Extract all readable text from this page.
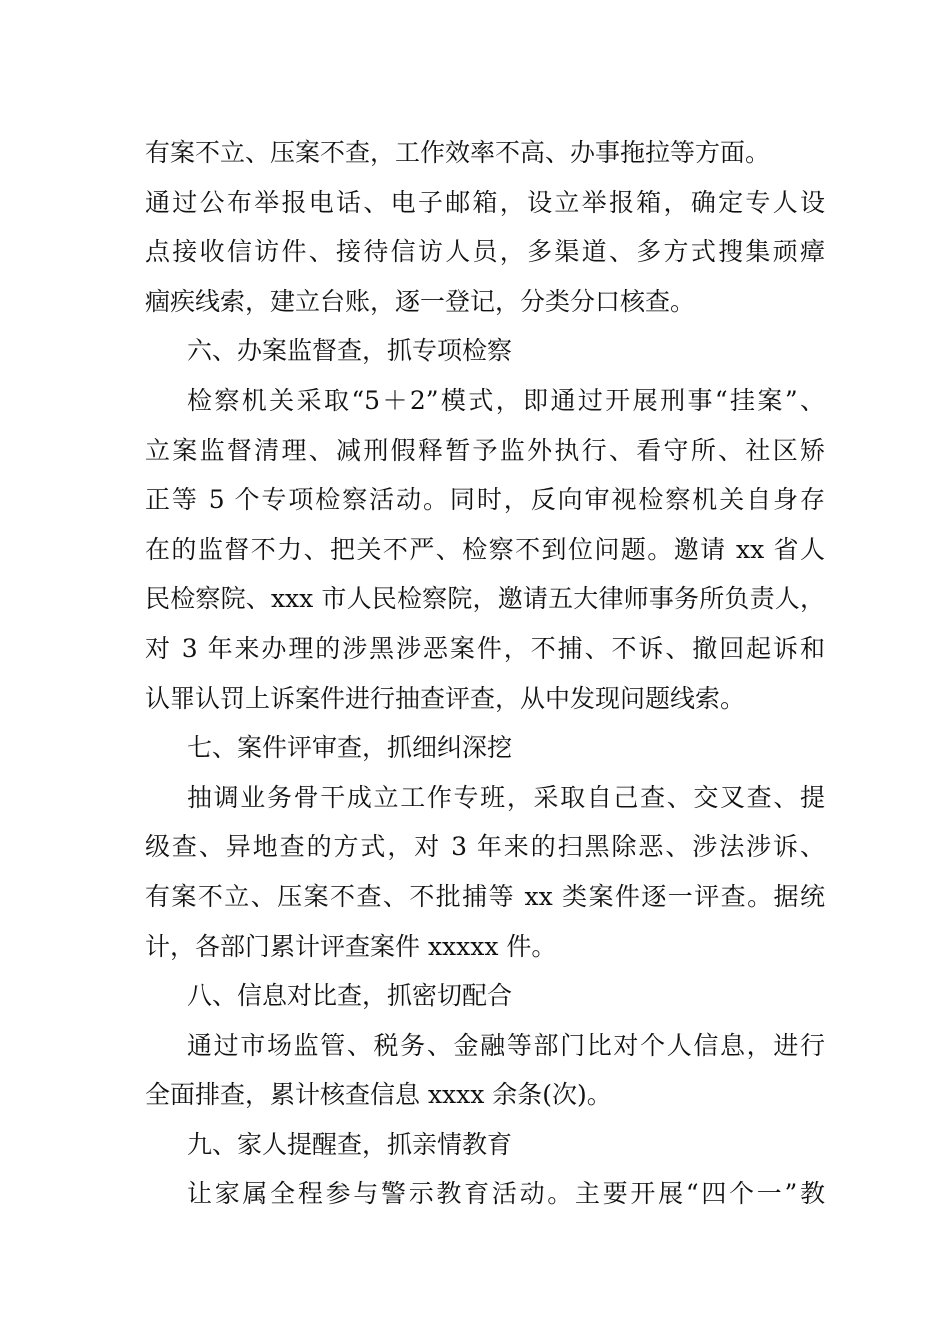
有案不立、压案不查，工作效率不高、办事拖拉等方面。
通过公布举报电话、电子邮箱，设立举报箱，确定专人设
点接收信访件、接待信访人员，多渠道、多方式搜集顽瘴
痼疾线索，建立台账，逐一登记，分类分口核查。
六、办案监督查，抓专项检察
检察机关采取“5＋2”模式，即通过开展刑事“挂案”、
立案监督清理、减刑假释暂予监外执行、看守所、社区矫
正等 5 个专项检察活动。同时，反向审视检察机关自身存
在的监督不力、把关不严、检察不到位问题。邀请 xx 省人
民检察院、xxx 市人民检察院，邀请五大律师事务所负责人，
对 3 年来办理的涉黑涉恶案件，不捕、不诉、撤回起诉和
认罪认罚上诉案件进行抽查评查，从中发现问题线索。
七、案件评审查，抓细纠深挖
抽调业务骨干成立工作专班，采取自己查、交叉查、提
级查、异地查的方式，对 3 年来的扫黑除恶、涉法涉诉、
有案不立、压案不查、不批捕等 xx 类案件逐一评查。据统
计，各部门累计评查案件 xxxxx 件。
八、信息对比查，抓密切配合
通过市场监管、税务、金融等部门比对个人信息，进行
全面排查，累计核查信息 xxxx 余条(次)。
九、家人提醒查，抓亲情教育
让家属全程参与警示教育活动。主要开展“四个一”教
